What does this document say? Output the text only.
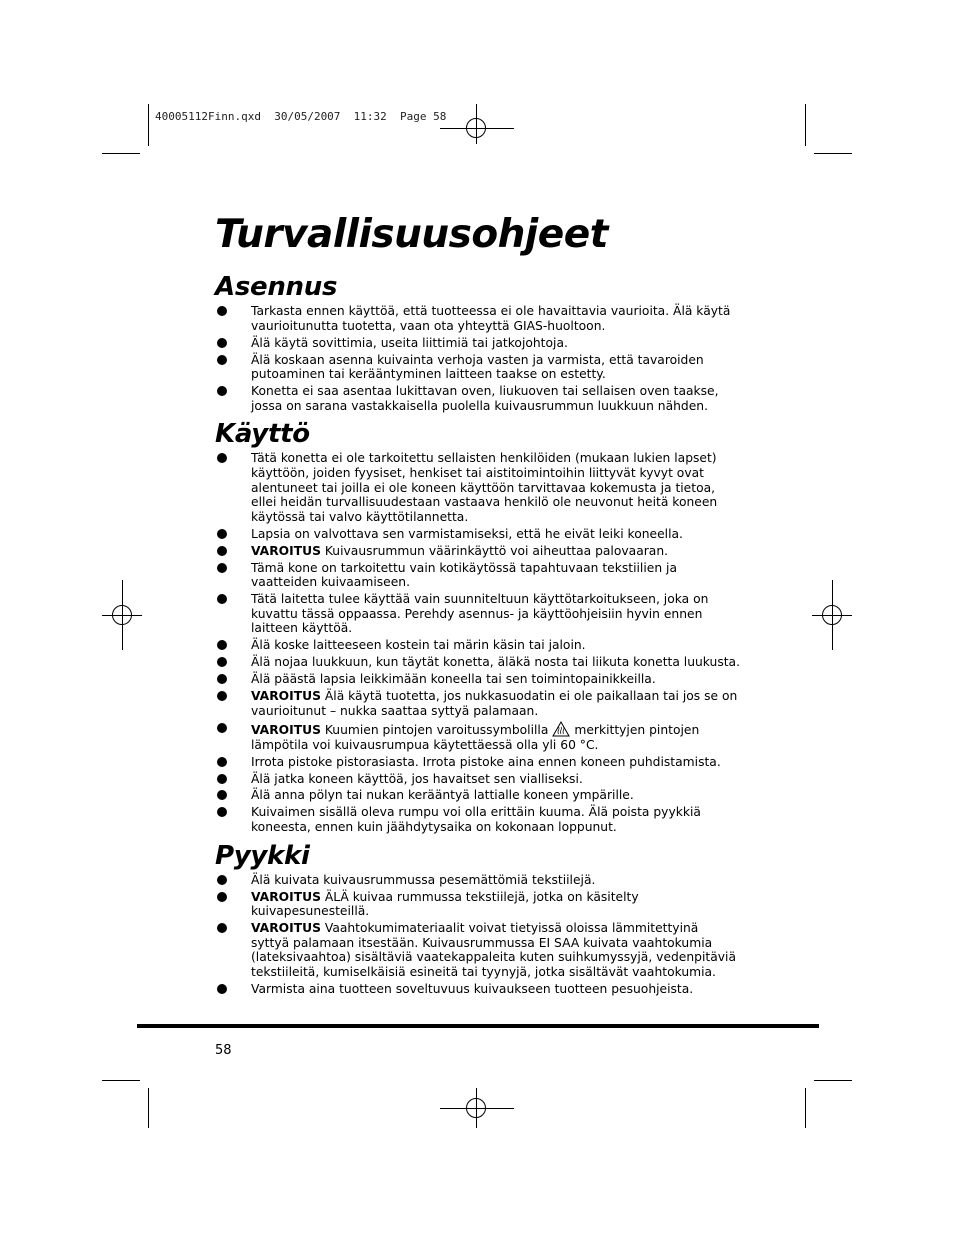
40005112Finn.qxd  30/05/2007  11:32  Page 58
Turvallisuusohjeet
Asennus
Tarkasta ennen käyttöä, että tuotteessa ei ole havaittavia vaurioita. Älä käytä vaurioitunutta tuotetta, vaan ota yhteyttä GIAS-huoltoon.
Älä käytä sovittimia, useita liittimiä tai jatkojohtoja.
Älä koskaan asenna kuivainta verhoja vasten ja varmista, että tavaroiden putoaminen tai kerääntyminen laitteen taakse on estetty.
Konetta ei saa asentaa lukittavan oven, liukuoven tai sellaisen oven taakse, jossa on sarana vastakkaisella puolella kuivausrummun luukkuun nähden.
Käyttö
Tätä konetta ei ole tarkoitettu sellaisten henkilöiden (mukaan lukien lapset) käyttöön, joiden fyysiset, henkiset tai aistitoimintoihin liittyvät kyvyt ovat alentuneet tai joilla ei ole koneen käyttöön tarvittavaa kokemusta ja tietoa, ellei heidän turvallisuudestaan vastaava henkilö ole neuvonut heitä koneen käytössä tai valvo käyttötilannetta.
Lapsia on valvottava sen varmistamiseksi, että he eivät leiki koneella.
VAROITUS Kuivausrummun väärinkäyttö voi aiheuttaa palovaaran.
Tämä kone on tarkoitettu vain kotikäytössä tapahtuvaan tekstiilien ja vaatteiden kuivaamiseen.
Tätä laitetta tulee käyttää vain suunniteltuun käyttötarkoitukseen, joka on kuvattu tässä oppaassa. Perehdy asennus- ja käyttöohjeisiin hyvin ennen laitteen käyttöä.
Älä koske laitteeseen kostein tai märin käsin tai jaloin.
Älä nojaa luukkuun, kun täytät konetta, äläkä nosta tai liikuta konetta luukusta.
Älä päästä lapsia leikkimään koneella tai sen toimintopainikkeilla.
VAROITUS Älä käytä tuotetta, jos nukkasuodatin ei ole paikallaan tai jos se on vaurioitunut – nukka saattaa syttyä palamaan.
VAROITUS Kuumien pintojen varoitussymbolilla merkittyjen pintojen lämpötila voi kuivausrumpua käytettäessä olla yli 60 °C.
Irrota pistoke pistorasiasta. Irrota pistoke aina ennen koneen puhdistamista.
Älä jatka koneen käyttöä, jos havaitset sen vialliseksi.
Älä anna pölyn tai nukan kerääntyä lattialle koneen ympärille.
Kuivaimen sisällä oleva rumpu voi olla erittäin kuuma. Älä poista pyykkiä koneesta, ennen kuin jäähdytysaika on kokonaan loppunut.
Pyykki
Älä kuivata kuivausrummussa pesemättömiä tekstiilejä.
VAROITUS ÄLÄ kuivaa rummussa tekstiilejä, jotka on käsitelty kuivapesunesteillä.
VAROITUS Vaahtokumimateriaalit voivat tietyissä oloissa lämmitettyinä syttyä palamaan itsestään. Kuivausrummussa EI SAA kuivata vaahtokumia (lateksivaahtoa) sisältäviä vaatekappaleita kuten suihkumyssyjä, vedenpitäviä tekstiileitä, kumiselkäisiä esineitä tai tyynyjä, jotka sisältävät vaahtokumia.
Varmista aina tuotteen soveltuvuus kuivaukseen tuotteen pesuohjeista.
58
